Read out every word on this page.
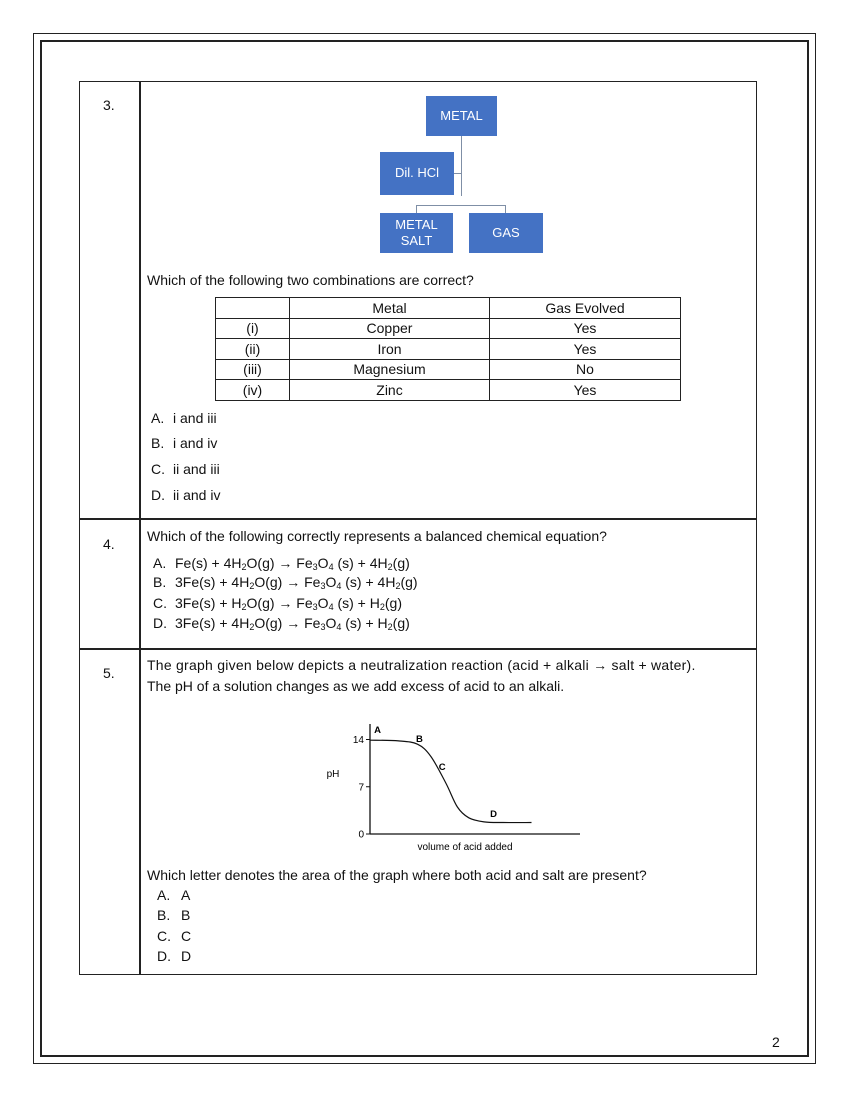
3.
METAL
Dil. HCl
METAL
SALT
GAS
Which of the following two combinations are correct?
	Metal	Gas Evolved
(i)	Copper	Yes
(ii)	Iron	Yes
(iii)	Magnesium	No
(iv)	Zinc	Yes
A. i and iii
B. i and iv
C. ii and iii
D. ii and iv
4. Which of the following correctly represents a balanced chemical equation?
A. $Fe(s) + 4H_2O(g) \to Fe_3O_4$ $(s) + 4H_2(g)$
B. $3Fe(s) + 4H_2O(g) \to Fe_3O_4$ $(s) + 4H_2(g)$
C. $3Fe(s) + H_2O(g) \to Fe_3O_4$ $(s) + H_2(g)$
D. $3Fe(s) + 4H_2O(g) \to Fe_3O_4$ $(s) + H_2(g)$
5. The graph given below depicts a neutralization reaction (acid + alkali → salt + water).
The pH of a solution changes as we add excess of acid to an alkali.
0
7
14
A
B
C
D
volume of acid added
pH
Which letter denotes the area of the graph where both acid and salt are present?
A. A
B. B
C. C
D. D
2
